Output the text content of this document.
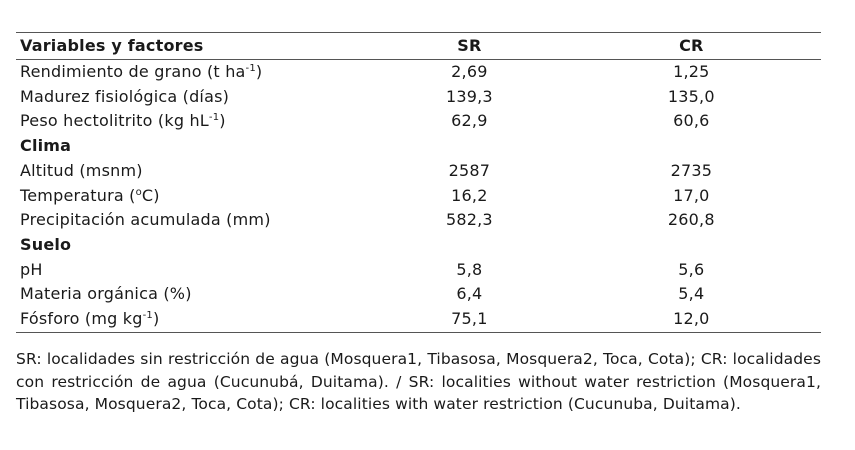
Variables y factores	SR	CR
Rendimiento de grano (t $ha^{-1}$)	2,69	1,25
Madurez fisiológica (días)	139,3	135,0
Peso hectolitrito (kg $hL^{-1}$)	62,9	60,6
Clima		
Altitud (msnm)	2587	2735
Temperatura ($^o$C)	16,2	17,0
Precipitación acumulada (mm)	582,3	260,8
Suelo		
pH	5,8	5,6
Materia orgánica (%)	6,4	5,4
Fósforo (mg $kg^{-1}$)	75,1	12,0
SR: localidades sin restricción de agua (Mosquera1, Tibasosa, Mosquera2, Toca, Cota); CR: localidades con restricción de agua (Cucunubá, Duitama). / SR: localities without water restriction (Mosquera1, Tibasosa, Mosquera2, Toca, Cota); CR: localities with water restriction (Cucunuba, Duitama).
